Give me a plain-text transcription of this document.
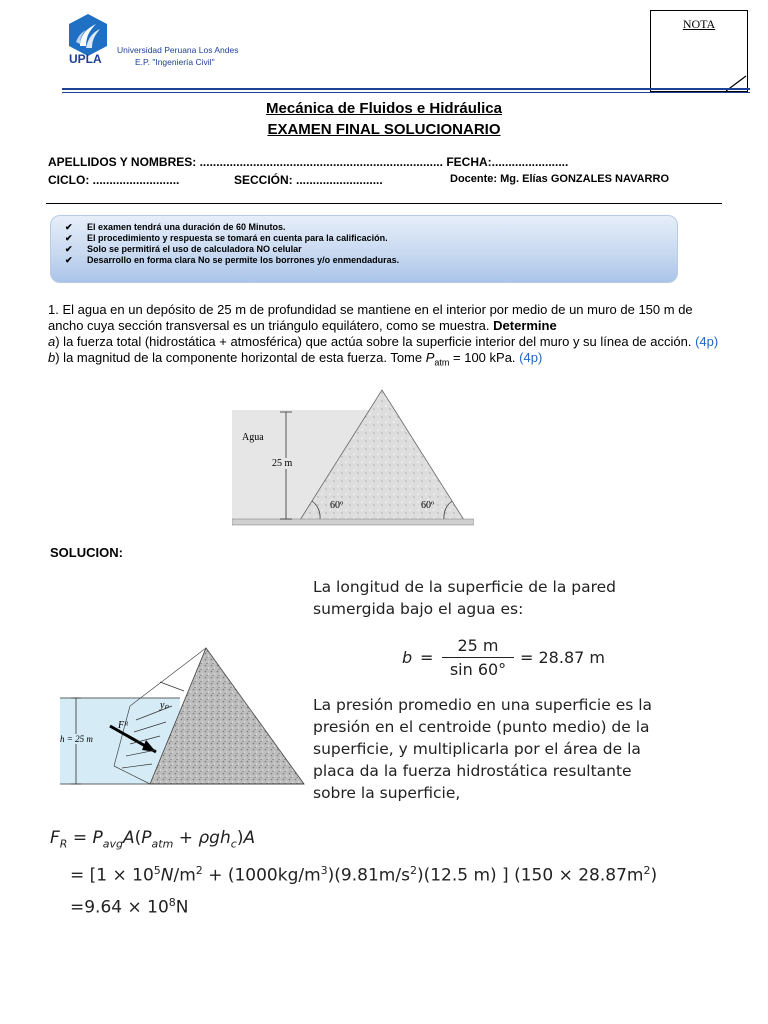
UPLA
Universidad Peruana Los Andes
E.P. "Ingeniería Civil"
NOTA
Mecánica de Fluidos e Hidráulica
EXAMEN FINAL SOLUCIONARIO
APELLIDOS Y NOMBRES: ......................................................................... FECHA:.......................
CICLO: ..........................	SECCIÓN: ..........................	Docente: Mg. Elías GONZALES NAVARRO
✔ El examen tendrá una duración de 60 Minutos.
✔ El procedimiento y respuesta se tomará en cuenta para la calificación.
✔ Solo se permitirá el uso de calculadora NO celular
✔ Desarrollo en forma clara No se permite los borrones y/o enmendaduras.

1. El agua en un depósito de 25 m de profundidad se mantiene en el interior por medio de un muro de 150 m de ancho cuya sección transversal es un triángulo equilátero, como se muestra. Determine

a) la fuerza total (hidrostática + atmosférica) que actúa sobre la superficie interior del muro y su línea de acción. (4p)

b) la magnitud de la componente horizontal de esta fuerza. Tome $P_{atm} = 100$ kPa. (4p)

Agua
25 m
60º	60º
SOLUCION:
La longitud de la superficie de la pared
sumergida bajo el agua es:
b =
25 m
sin 60°
= 28.87 m
La presión promedio en una superficie es la
presión en el centroide (punto medio) de la
superficie, y multiplicarla por el área de la
placa da la fuerza hidrostática resultante
sobre la superficie,
h = 25 m
yₚ
Fᴿ
$F_R = P_{avg}A(P_{atm} + \rho gh_c)A$
= [$1 \times 10^5N/m^2 + (1000kg/m^3)(9.81m/s^2)(12.5$ m) ] $(150 \times 28.87m^2)$
$=9.64 \times 10^8N$
